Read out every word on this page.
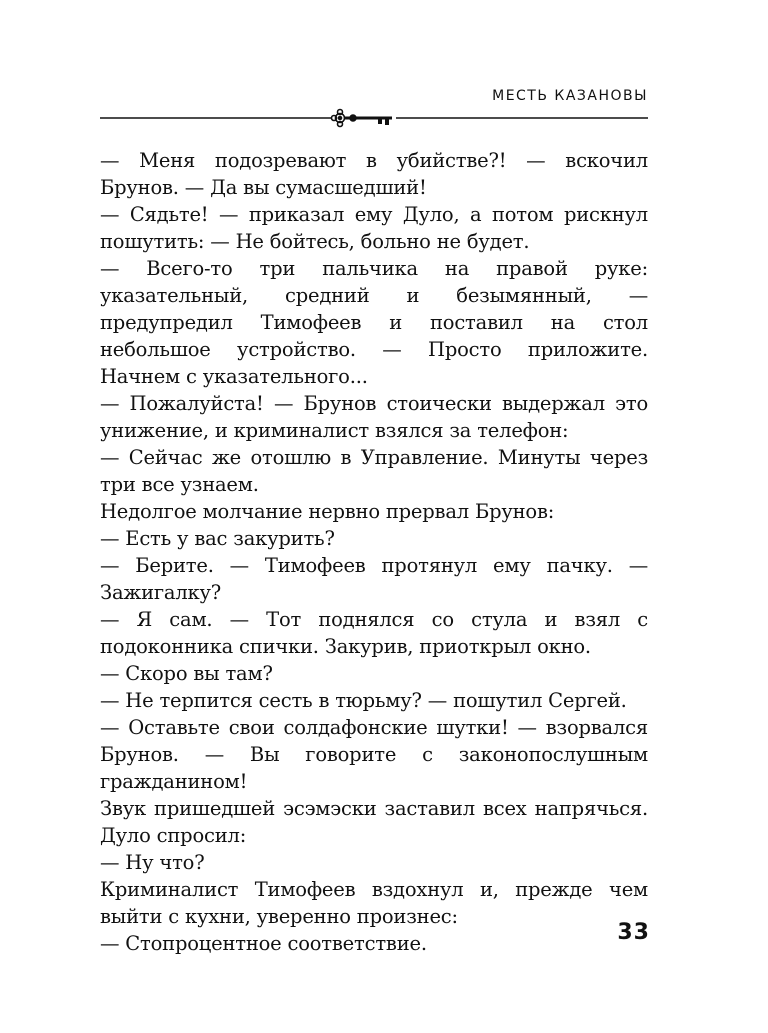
МЕСТЬ КАЗАНОВЫ

— Меня подозревают в убийстве?! — вскочил Брунов. — Да вы сумасшедший!

— Сядьте! — приказал ему Дуло, а потом рискнул пошутить: — Не бойтесь, больно не будет.

— Всего-то три пальчика на правой руке: указательный, средний и безымянный, — предупредил Тимофеев и поставил на стол небольшое устройство. — Просто приложите. Начнем с указательного...

— Пожалуйста! — Брунов стоически выдержал это унижение, и криминалист взялся за телефон:

— Сейчас же отошлю в Управление. Минуты через три все узнаем.

Недолгое молчание нервно прервал Брунов:

— Есть у вас закурить?

— Берите. — Тимофеев протянул ему пачку. — Зажигалку?

— Я сам. — Тот поднялся со стула и взял с подоконника спички. Закурив, приоткрыл окно.

— Скоро вы там?

— Не терпится сесть в тюрьму? — пошутил Сергей.

— Оставьте свои солдафонские шутки! — взорвался Брунов. — Вы говорите с законопослушным гражданином!

Звук пришедшей эсэмэски заставил всех напрячься. Дуло спросил:

— Ну что?

Криминалист Тимофеев вздохнул и, прежде чем выйти с кухни, уверенно произнес:

— Стопроцентное соответствие.	33
